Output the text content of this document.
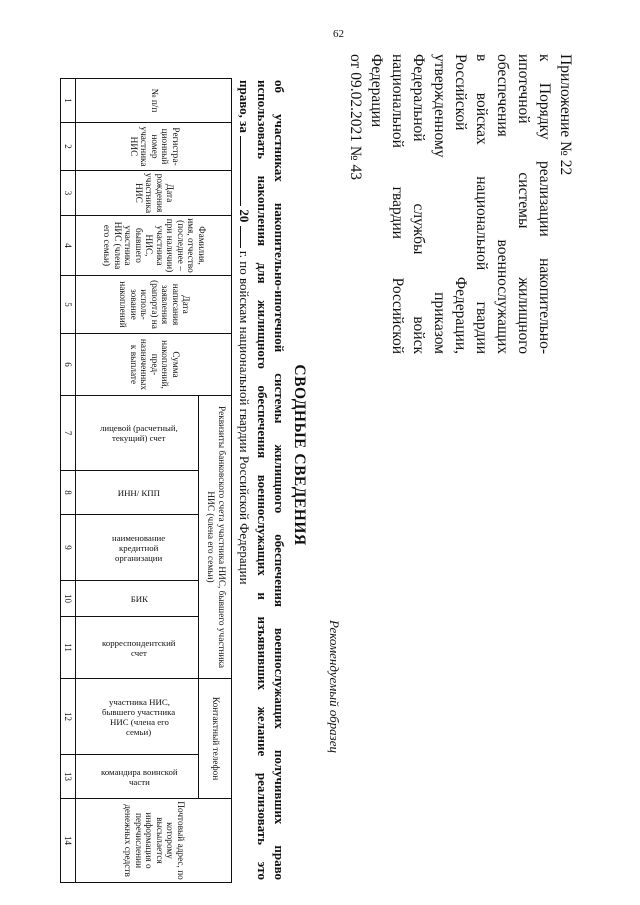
62
Приложение № 22
к Порядку реализации накопительно-
ипотечной системы жилищного
обеспечения военнослужащих
в войсках национальной гвардии
Российской Федерации,
утвержденному приказом
Федеральной службы войск
национальной гвардии Российской
Федерации
от 09.02.2021 № 43
Рекомендуемый образец
СВОДНЫЕ СВЕДЕНИЯ
об участниках накопительно-ипотечной системы жилищного обеспечения военнослужащих получивших право
использовать накопления для жилищного обеспечения военнослужащих и изъявивших желание реализовать это
право, за  20  г. по войскам национальной гвардии Российской Федерации
№ п/п	Регистра-ционный номер участника НИС	Дата рождения участника НИС	Фамилия, имя, отчество (последнее – при наличии) участника НИС, бывшего участника НИС (члена его семьи)	Дата написания заявления (рапорта) на исполь-зование накоплений	Сумма накоплений, пред-назначенных к выплате	Реквизиты банковского счета участника НИС, бывшего участника НИС (члена его семьи)					Контактный телефон		Почтовый адрес, по которому высылается информация о перечислении денежных средств
						лицевой (расчетный, текущий) счет	ИНН/ КПП	наименование кредитной организации	БИК	корреспондентский счет	участника НИС, бывшего участника НИС (члена его семьи)	командира воинской части	
1	2	3	4	5	6	7	8	9	10	11	12	13	14
